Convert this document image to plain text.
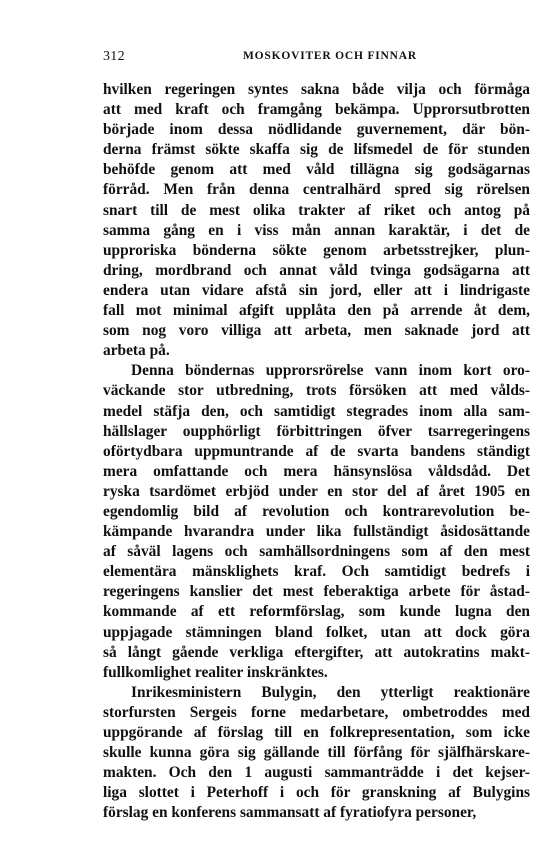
312	MOSKOVITER OCH FINNAR
hvilken regeringen syntes sakna både vilja och förmåga
att med kraft och framgång bekämpa. Upprorsutbrotten
började inom dessa nödlidande guvernement, där bön-
derna främst sökte skaffa sig de lifsmedel de för stunden
behöfde genom att med våld tillägna sig godsägarnas
förråd. Men från denna centralhärd spred sig rörelsen
snart till de mest olika trakter af riket och antog på
samma gång en i viss mån annan karaktär, i det de
upproriska bönderna sökte genom arbetsstrejker, plun-
dring, mordbrand och annat våld tvinga godsägarna att
endera utan vidare afstå sin jord, eller att i lindrigaste
fall mot minimal afgift upplåta den på arrende åt dem,
som nog voro villiga att arbeta, men saknade jord att
arbeta på.
Denna böndernas upprorsrörelse vann inom kort oro-
väckande stor utbredning, trots försöken att med vålds-
medel stäfja den, och samtidigt stegrades inom alla sam-
hällslager oupphörligt förbittringen öfver tsarregeringens
oförtydbara uppmuntrande af de svarta bandens ständigt
mera omfattande och mera hänsynslösa våldsdåd. Det
ryska tsardömet erbjöd under en stor del af året 1905 en
egendomlig bild af revolution och kontrarevolution be-
kämpande hvarandra under lika fullständigt åsidosättande
af såväl lagens och samhällsordningens som af den mest
elementära mänsklighets kraf. Och samtidigt bedrefs i
regeringens kanslier det mest feberaktiga arbete för åstad-
kommande af ett reformförslag, som kunde lugna den
uppjagade stämningen bland folket, utan att dock göra
så långt gående verkliga eftergifter, att autokratins makt-
fullkomlighet realiter inskränktes.
Inrikesministern Bulygin, den ytterligt reaktionäre
storfursten Sergeis forne medarbetare, ombetroddes med
uppgörande af förslag till en folkrepresentation, som icke
skulle kunna göra sig gällande till förfång för själfhärskare-
makten. Och den 1 augusti sammanträdde i det kejser-
liga slottet i Peterhoff i och för granskning af Bulygins
förslag en konferens sammansatt af fyratiofyra personer,
